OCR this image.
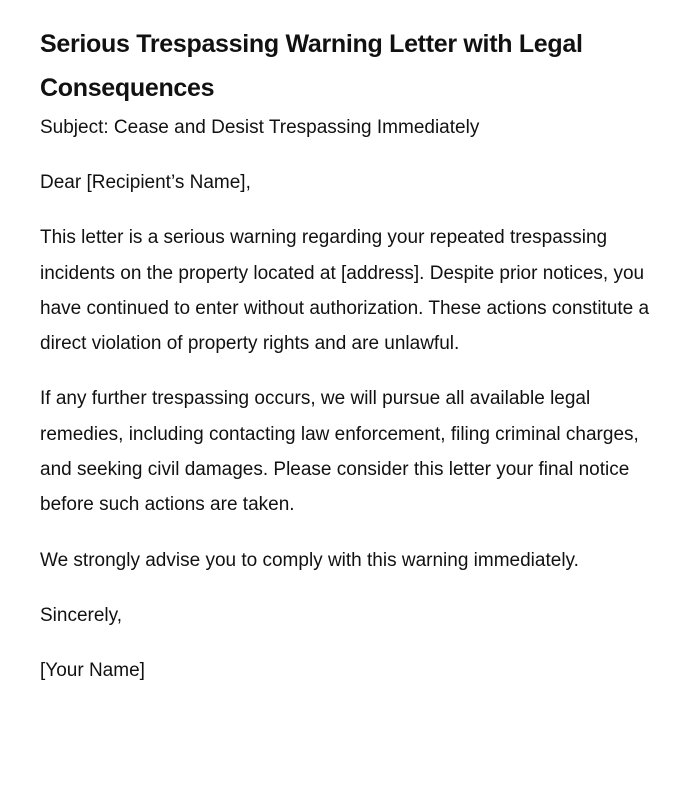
Serious Trespassing Warning Letter with Legal Consequences

Subject: Cease and Desist Trespassing Immediately

Dear [Recipient’s Name],

This letter is a serious warning regarding your repeated trespassing incidents on the property located at [address]. Despite prior notices, you have continued to enter without authorization. These actions constitute a direct violation of property rights and are unlawful.

If any further trespassing occurs, we will pursue all available legal remedies, including contacting law enforcement, filing criminal charges, and seeking civil damages. Please consider this letter your final notice before such actions are taken.

We strongly advise you to comply with this warning immediately.

Sincerely,

[Your Name]
